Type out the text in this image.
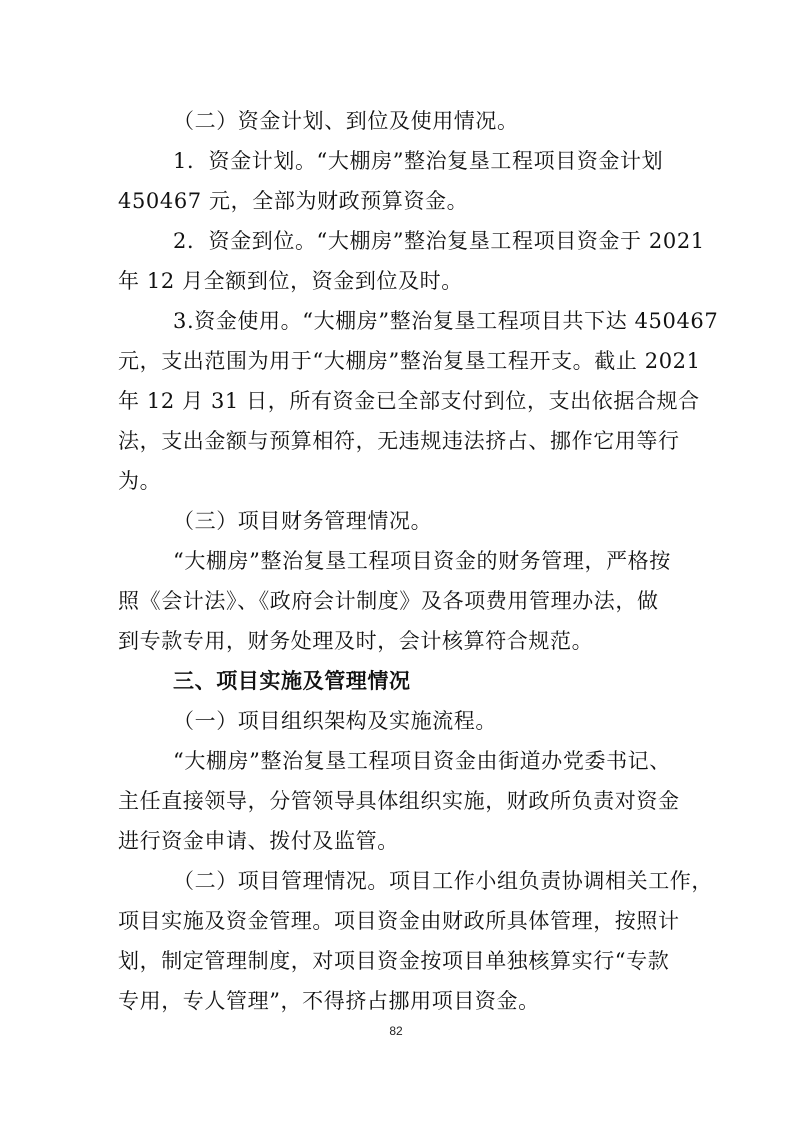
（二）资金计划、到位及使用情况。
1．资金计划。“大棚房”整治复垦工程项目资金计划
450467 元，全部为财政预算资金。
2．资金到位。“大棚房”整治复垦工程项目资金于 2021
年 12 月全额到位，资金到位及时。
3.资金使用。“大棚房”整治复垦工程项目共下达 450467
元，支出范围为用于“大棚房”整治复垦工程开支。截止 2021
年 12 月 31 日，所有资金已全部支付到位，支出依据合规合
法，支出金额与预算相符，无违规违法挤占、挪作它用等行
为。
（三）项目财务管理情况。
“大棚房”整治复垦工程项目资金的财务管理，严格按
照《会计法》、《政府会计制度》及各项费用管理办法，做
到专款专用，财务处理及时，会计核算符合规范。
三、项目实施及管理情况
（一）项目组织架构及实施流程。
“大棚房”整治复垦工程项目资金由街道办党委书记、
主任直接领导，分管领导具体组织实施，财政所负责对资金
进行资金申请、拨付及监管。
（二）项目管理情况。项目工作小组负责协调相关工作，
项目实施及资金管理。项目资金由财政所具体管理，按照计
划，制定管理制度，对项目资金按项目单独核算实行“专款
专用，专人管理”，不得挤占挪用项目资金。
82
